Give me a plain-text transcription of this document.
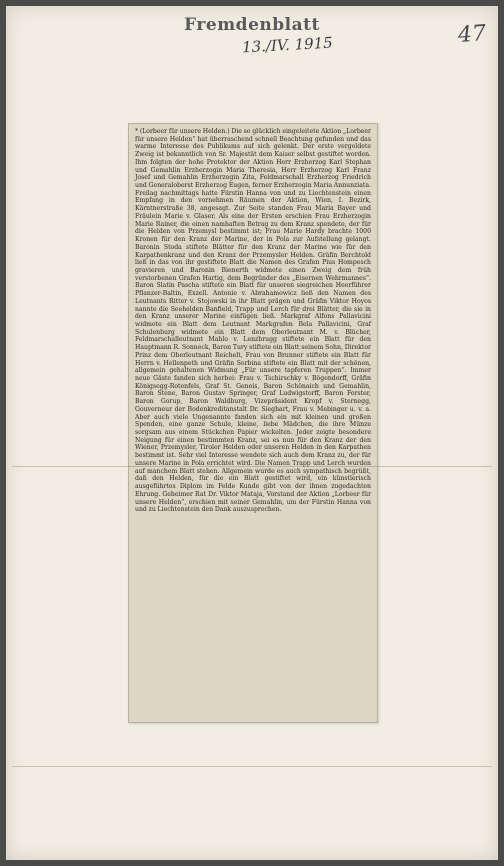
Fremdenblatt
13./IV. 1915	47

* (Lorbeer für unsere Helden.) Die so glücklich eingeleitete Aktion „Lorbeer für unsere Helden“ hat überraschend schnell Beachtung gefunden und das warme Interesse des Publikums auf sich gelenkt. Der erste vergoldete Zweig ist bekanntlich von Sr. Majestät dem Kaiser selbst gestiftet worden. Ihm folgten der hohe Protektor der Aktion Herr Erzherzog Karl Stephan und Gemahlin Erzherzogin Maria Theresia, Herr Erzherzog Karl Franz Josef und Gemahlin Erzherzogin Zita, Feldmarschall Erzherzog Friedrich und Generaloberst Erzherzog Eugen, ferner Erzherzogin Maria Annunziata. Freilag nachmittags hatte Fürstin Hanna von und zu Liechtenstein einen Empfang in den vornehmen Räumen der Aktion, Wien, I. Bezirk, Kärntnerstraße 38, angesagt. Zur Seite standen Frau Maria Bayer und Fräulein Marie v. Glaser. Als eine der Ersten erschien Frau Erzherzogin Marie Rainer, die einen namhaften Betrag zu dem Kranz spendete, der für die Helden von Przemysl bestimmt ist; Frau Marie Hardy brachte 1000 Kronen für den Kranz der Marine, der in Pola zur Aufstellung gelangt. Baronin Stoda stiftete Blätter für den Kranz der Marine wie für den Karpathenkranz und den Kranz der Przemysler Helden. Gräfin Berchtold ließ in das von ihr gestiftete Blatt die Namen des Grafen Pius Hompesch gravieren und Baronin Bienerth widmete einen Zweig dem früh verstorbenen Grafen Hartig, dem Begründer des „Eisernen Wehrmannes“. Baron Slatin Pascha stiftete ein Blatt für unseren siegreichen Heerführer Pflanzer-Baltin, Exzell. Antonie v. Abrahamowicz ließ den Namen des Leutnants Ritter v. Stojowski in ihr Blatt prägen und Gräfin Viktor Hoyos nannte die Seehelden Banfield, Trapp und Lerch für drei Blätter, die sie in den Kranz unserer Marine einfügen ließ. Markgraf Alfons Pallavicini widmete ein Blatt dem Leutnant Markgrafen Bela Pallavicini, Graf Schulenburg widmete ein Blatt dem Oberleutnant M. v. Blücher, Feldmarschalleutnant Mahlo v. Lenzbrugg stiftete ein Blatt für den Hauptmann R. Sonneck, Baron Tury stiftete ein Blatt seinem Sohn, Direktor Prinz dem Oberleutnant Reichelt, Frau von Brunner stiftete ein Blatt für Herrn v. Hellenpeth und Gräfin Sorbina stiftete ein Blatt mit der schönen, allgemein gehaltenen Widmung „Für unsere tapferen Truppen“. Immer neue Gäste fanden sich herbei: Frau v. Tschirschky v. Bögendorff, Gräfin Königsegg-Rotenfels, Graf St. Genois, Baron Schönaich und Gemahlin, Baron Stene, Baron Gustav Springer, Graf Ludwigstorff, Baron Forster, Baron Gorup, Baron Waldburg, Vizepräsident Kropf v. Sternegg, Gouverneur der Bodenkreditanstalt Dr. Sieghart, Frau v. Mebinger u. v. a. Aber auch viele Ungenannte fanden sich ein mit kleinen und großen Spenden, eine ganze Schule, kleine, liebe Mädchen, die ihre Münze sorgsam aus einem Stückchen Papier wickelten. Jeder zeigte besondere Neigung für einen bestimmten Kranz, sei es nun für den Kranz der den Wiener, Przemysler, Tiroler Helden oder unseren Helden in den Karpathen bestimmt ist. Sehr viel Interesse wendete sich auch dem Kranz zu, der für unsere Marine in Pola errichtet wird. Die Namen Trapp und Lerch wurden auf manchem Blatt stehen. Allgemein wurde es auch sympathisch begrüßt, daß den Helden, für die ein Blatt gestiftet wird, ein künstlerisch ausgeführtes Diplom im Felde Kunde gibt von der ihnen zugedachten Ehrung. Geheimer Rat Dr. Viktor Mataja, Vorstand der Aktion „Lorbeer für unsere Helden“, erschien mit seiner Gemahlin, um der Fürstin Hanna von und zu Liechtenstein den Dank auszusprechen.
